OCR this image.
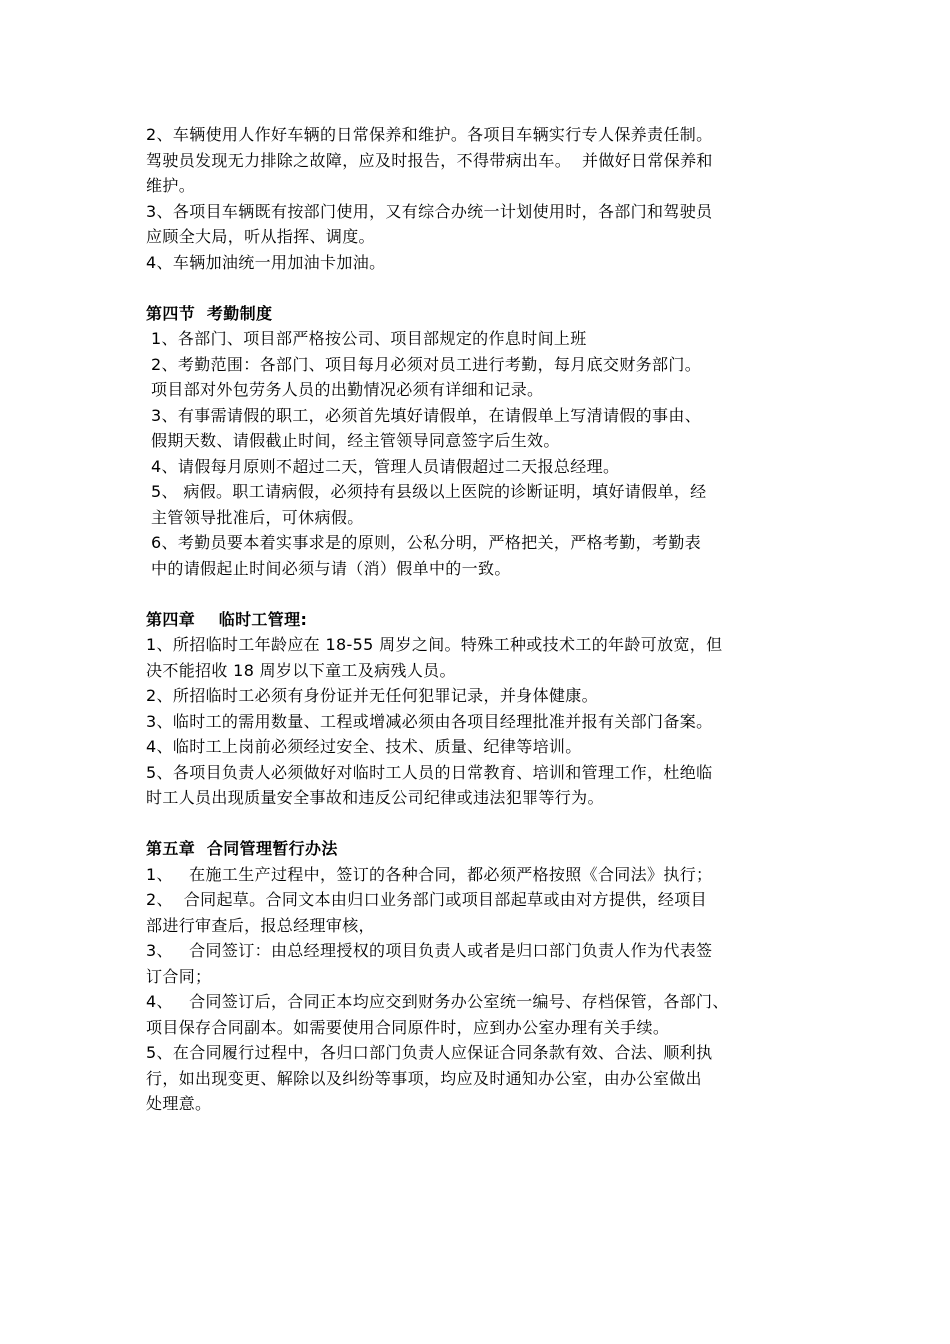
2、车辆使用人作好车辆的日常保养和维护。各项目车辆实行专人保养责任制。
驾驶员发现无力排除之故障，应及时报告，不得带病出车。  并做好日常保养和
维护。
3、各项目车辆既有按部门使用，又有综合办统一计划使用时，各部门和驾驶员
应顾全大局，听从指挥、调度。
4、车辆加油统一用加油卡加油。
第四节  考勤制度
1、各部门、项目部严格按公司、项目部规定的作息时间上班
2、考勤范围：各部门、项目每月必须对员工进行考勤，每月底交财务部门。
项目部对外包劳务人员的出勤情况必须有详细和记录。
3、有事需请假的职工，必须首先填好请假单，在请假单上写清请假的事由、
假期天数、请假截止时间，经主管领导同意签字后生效。
4、请假每月原则不超过二天，管理人员请假超过二天报总经理。
5、 病假。职工请病假，必须持有县级以上医院的诊断证明，填好请假单，经
主管领导批准后，可休病假。
6、考勤员要本着实事求是的原则，公私分明，严格把关，严格考勤，考勤表
中的请假起止时间必须与请（消）假单中的一致。
第四章    临时工管理:
1、所招临时工年龄应在 18-55 周岁之间。特殊工种或技术工的年龄可放宽，但
决不能招收 18 周岁以下童工及病残人员。
2、所招临时工必须有身份证并无任何犯罪记录，并身体健康。
3、临时工的需用数量、工程或增减必须由各项目经理批准并报有关部门备案。
4、临时工上岗前必须经过安全、技术、质量、纪律等培训。
5、各项目负责人必须做好对临时工人员的日常教育、培训和管理工作，杜绝临
时工人员出现质量安全事故和违反公司纪律或违法犯罪等行为。
第五章  合同管理暂行办法
1、   在施工生产过程中，签订的各种合同，都必须严格按照《合同法》执行；
2、  合同起草。合同文本由归口业务部门或项目部起草或由对方提供，经项目
部进行审查后，报总经理审核，
3、   合同签订：由总经理授权的项目负责人或者是归口部门负责人作为代表签
订合同；
4、   合同签订后，合同正本均应交到财务办公室统一编号、存档保管，各部门、
项目保存合同副本。如需要使用合同原件时，应到办公室办理有关手续。
5、在合同履行过程中，各归口部门负责人应保证合同条款有效、合法、顺利执
行，如出现变更、解除以及纠纷等事项，均应及时通知办公室，由办公室做出
处理意。
